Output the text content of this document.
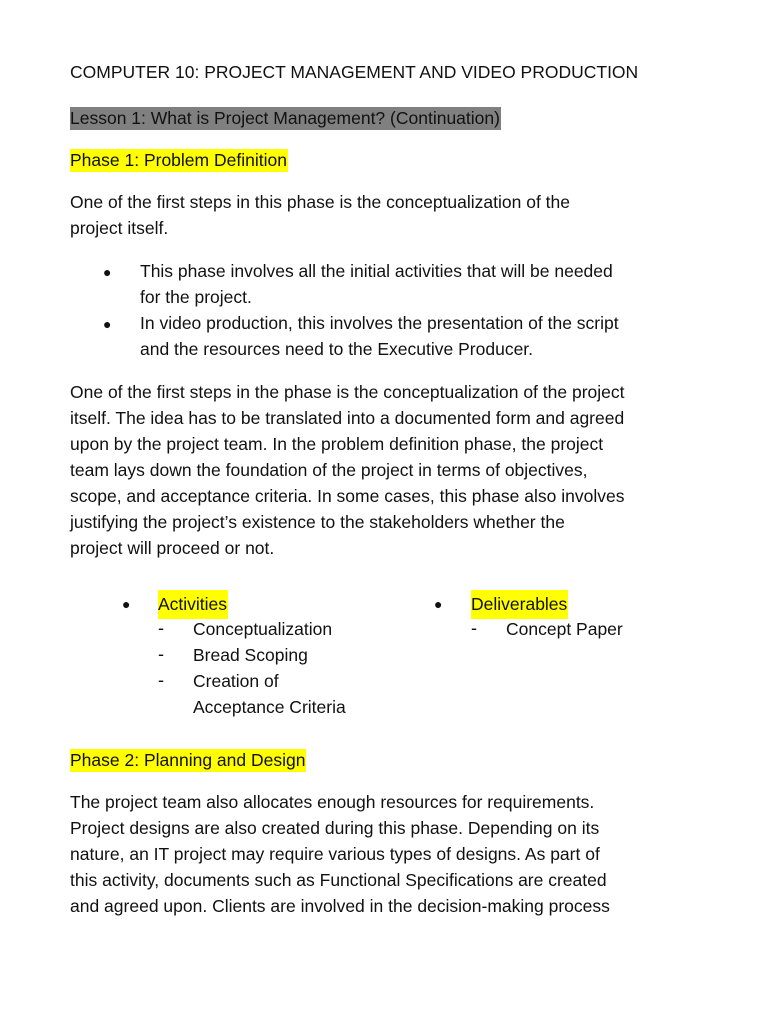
COMPUTER 10: PROJECT MANAGEMENT AND VIDEO PRODUCTION
Lesson 1: What is Project Management? (Continuation)
Phase 1: Problem Definition
One of the first steps in this phase is the conceptualization of the
project itself.
● This phase involves all the initial activities that will be needed
for the project.
● In video production, this involves the presentation of the script
and the resources need to the Executive Producer.
One of the first steps in the phase is the conceptualization of the project
itself. The idea has to be translated into a documented form and agreed
upon by the project team. In the problem definition phase, the project
team lays down the foundation of the project in terms of objectives,
scope, and acceptance criteria. In some cases, this phase also involves
justifying the project’s existence to the stakeholders whether the
project will proceed or not.
● Activities
- Conceptualization
- Bread Scoping
- Creation of
Acceptance Criteria
● Deliverables
- Concept Paper
Phase 2: Planning and Design
The project team also allocates enough resources for requirements.
Project designs are also created during this phase. Depending on its
nature, an IT project may require various types of designs. As part of
this activity, documents such as Functional Specifications are created
and agreed upon. Clients are involved in the decision-making process
